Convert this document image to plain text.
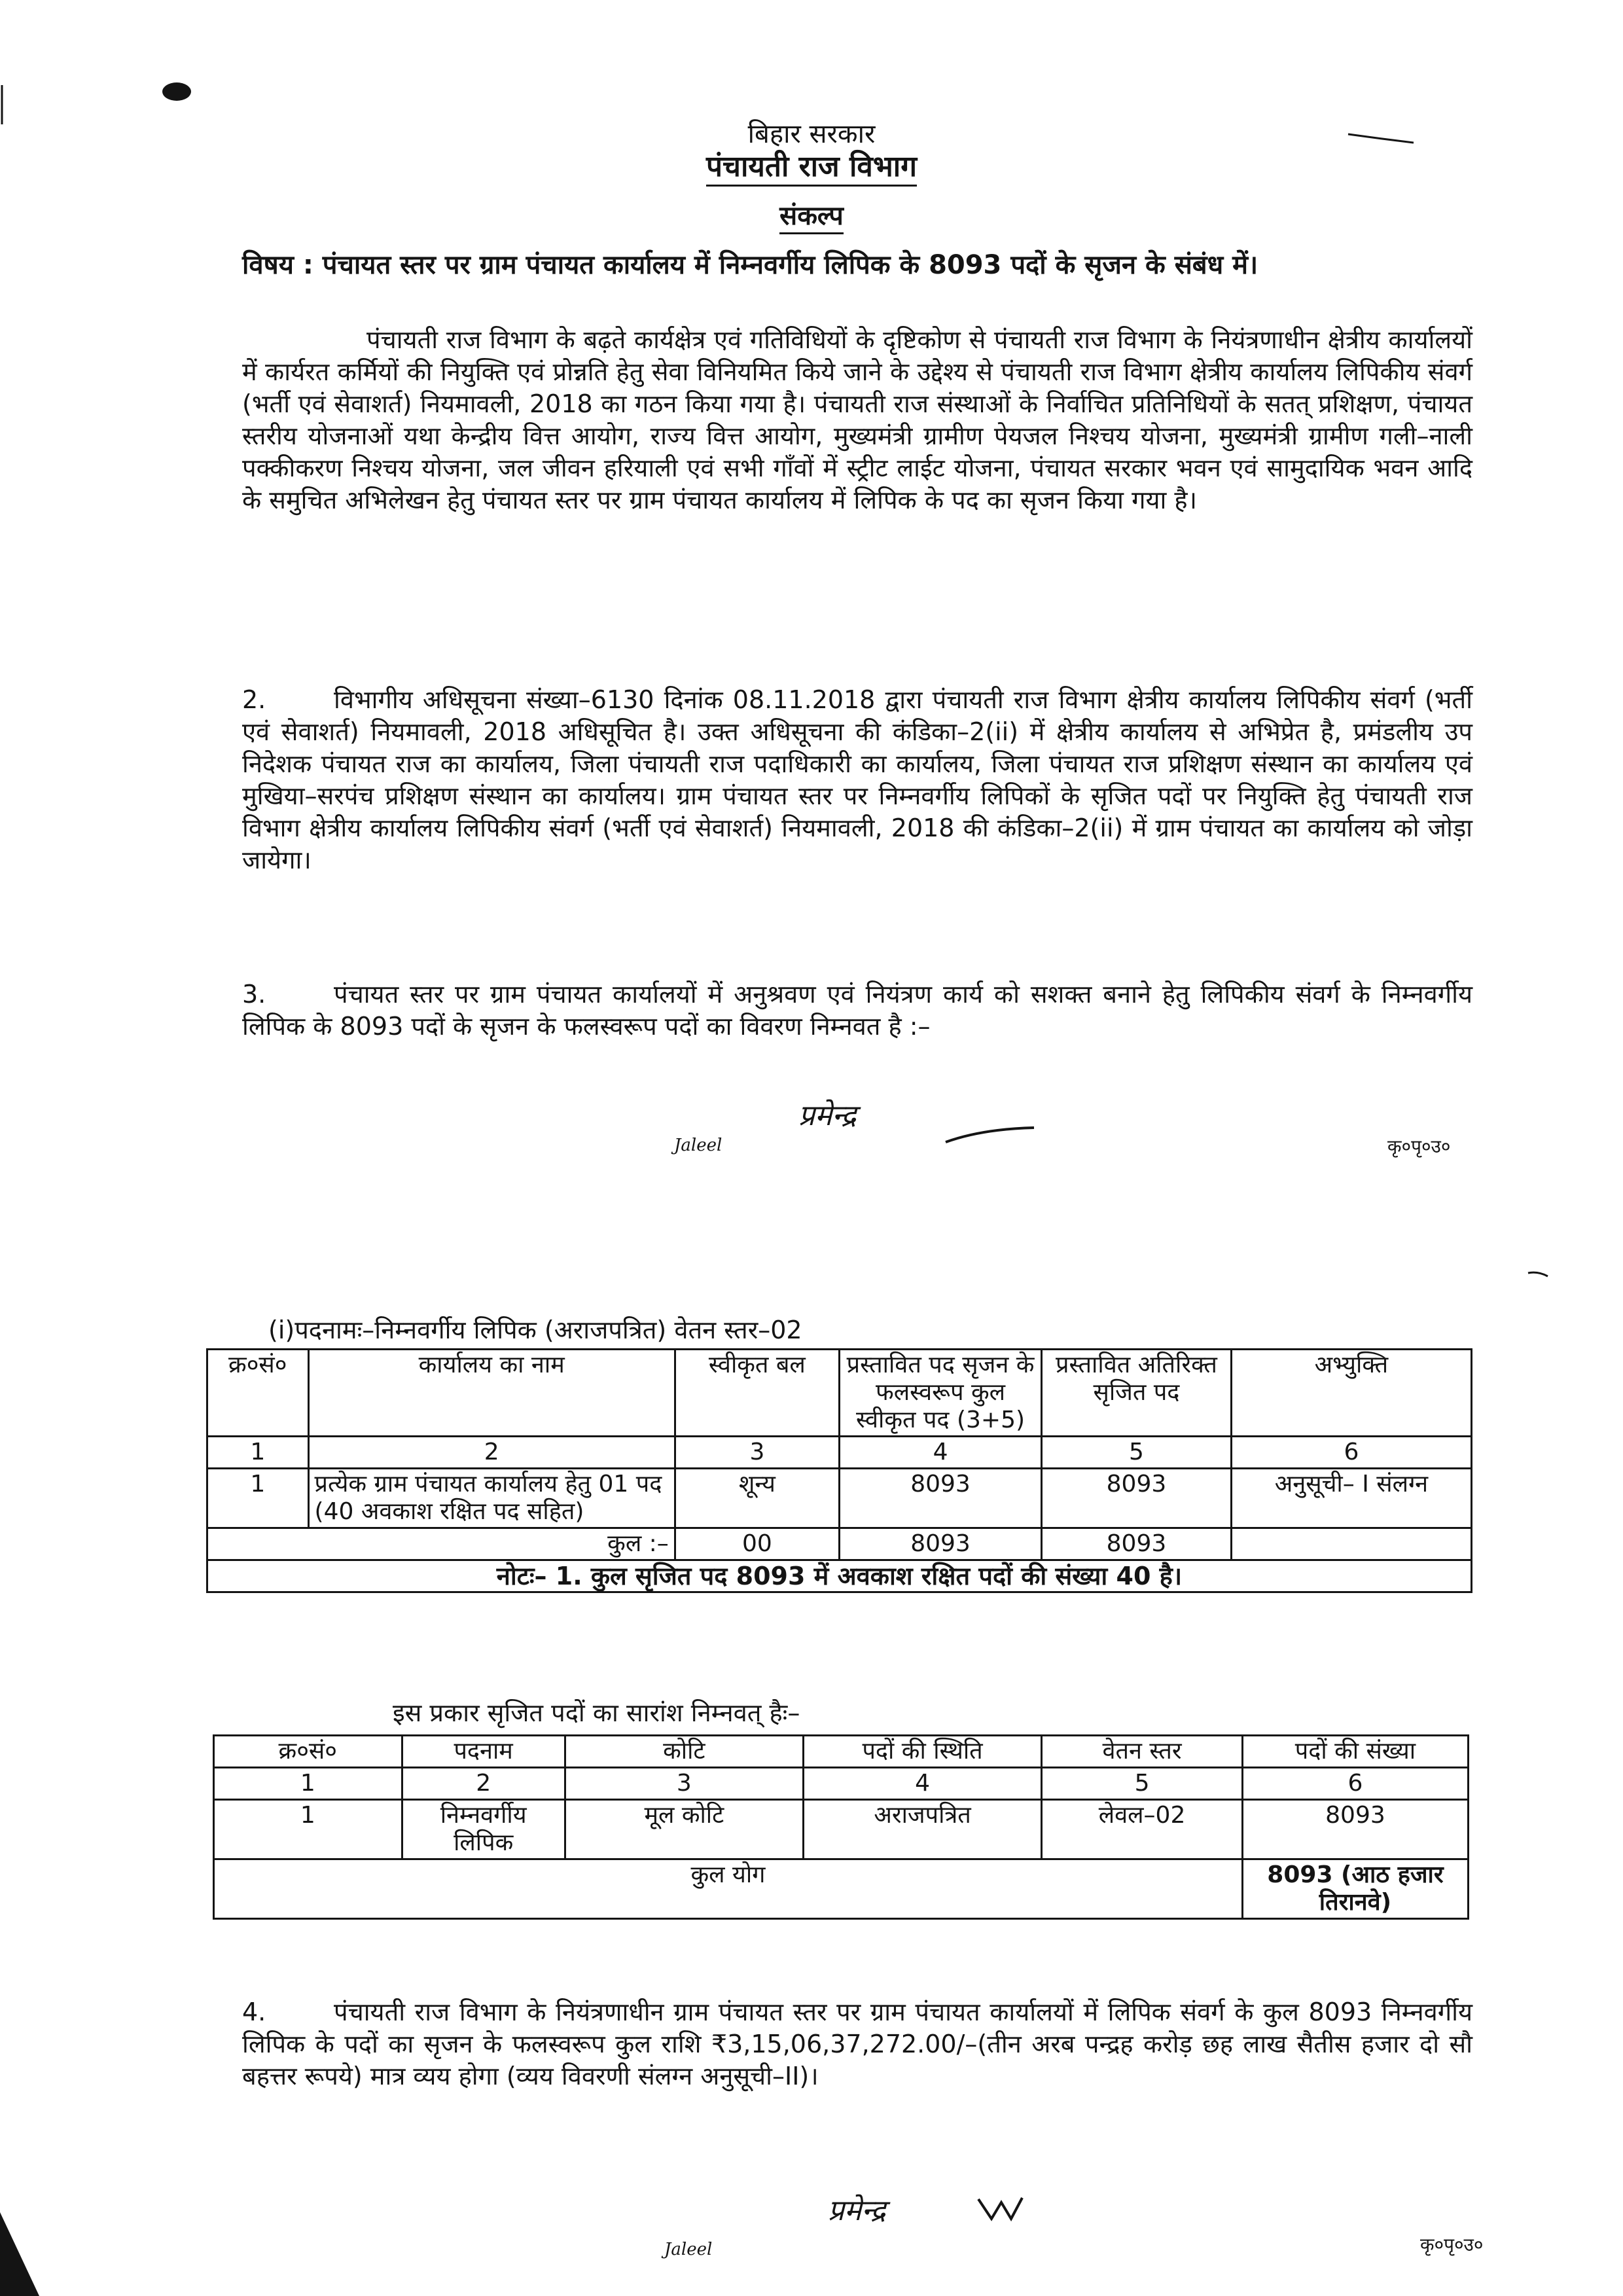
बिहार सरकार
पंचायती राज विभाग
संकल्प
विषय : पंचायत स्तर पर ग्राम पंचायत कार्यालय में निम्नवर्गीय लिपिक के 8093 पदों के सृजन के संबंध में।
पंचायती राज विभाग के बढ़ते कार्यक्षेत्र एवं गतिविधियों के दृष्टिकोण से पंचायती राज विभाग के नियंत्रणाधीन क्षेत्रीय कार्यालयों में कार्यरत कर्मियों की नियुक्ति एवं प्रोन्नति हेतु सेवा विनियमित किये जाने के उद्देश्य से पंचायती राज विभाग क्षेत्रीय कार्यालय लिपिकीय संवर्ग (भर्ती एवं सेवाशर्त) नियमावली, 2018 का गठन किया गया है। पंचायती राज संस्थाओं के निर्वाचित प्रतिनिधियों के सतत् प्रशिक्षण, पंचायत स्तरीय योजनाओं यथा केन्द्रीय वित्त आयोग, राज्य वित्त आयोग, मुख्यमंत्री ग्रामीण पेयजल निश्चय योजना, मुख्यमंत्री ग्रामीण गली–नाली पक्कीकरण निश्चय योजना, जल जीवन हरियाली एवं सभी गाँवों में स्ट्रीट लाईट योजना, पंचायत सरकार भवन एवं सामुदायिक भवन आदि के समुचित अभिलेखन हेतु पंचायत स्तर पर ग्राम पंचायत कार्यालय में लिपिक के पद का सृजन किया गया है।
2.	विभागीय अधिसूचना संख्या–6130 दिनांक 08.11.2018 द्वारा पंचायती राज विभाग क्षेत्रीय कार्यालय लिपिकीय संवर्ग (भर्ती एवं सेवाशर्त) नियमावली, 2018 अधिसूचित है। उक्त अधिसूचना की कंडिका–2(ii) में क्षेत्रीय कार्यालय से अभिप्रेत है, प्रमंडलीय उप निदेशक पंचायत राज का कार्यालय, जिला पंचायती राज पदाधिकारी का कार्यालय, जिला पंचायत राज प्रशिक्षण संस्थान का कार्यालय एवं मुखिया–सरपंच प्रशिक्षण संस्थान का कार्यालय। ग्राम पंचायत स्तर पर निम्नवर्गीय लिपिकों के सृजित पदों पर नियुक्ति हेतु पंचायती राज विभाग क्षेत्रीय कार्यालय लिपिकीय संवर्ग (भर्ती एवं सेवाशर्त) नियमावली, 2018 की कंडिका–2(ii) में ग्राम पंचायत का कार्यालय को जोड़ा जायेगा।
3.	पंचायत स्तर पर ग्राम पंचायत कार्यालयों में अनुश्रवण एवं नियंत्रण कार्य को सशक्त बनाने हेतु लिपिकीय संवर्ग के निम्नवर्गीय लिपिक के 8093 पदों के सृजन के फलस्वरूप पदों का विवरण निम्नवत है :–
Jaleel
प्रमेन्द्र
कृ०पृ०उ०
(i)पदनामः–निम्नवर्गीय लिपिक (अराजपत्रित) वेतन स्तर–02
क्र०सं०	कार्यालय का नाम	स्वीकृत बल	प्रस्तावित पद सृजन के फलस्वरूप कुल स्वीकृत पद (3+5)	प्रस्तावित अतिरिक्त सृजित पद	अभ्युक्ति
1	2	3	4	5	6
1	प्रत्येक ग्राम पंचायत कार्यालय हेतु 01 पद (40 अवकाश रक्षित पद सहित)	शून्य	8093	8093	अनुसूची– I संलग्न
कुल :–		00	8093	8093	
नोटः– 1. कुल सृजित पद 8093 में अवकाश रक्षित पदों की संख्या 40 है।					
इस प्रकार सृजित पदों का सारांश निम्नवत् हैः–
क्र०सं०	पदनाम	कोटि	पदों की स्थिति	वेतन स्तर	पदों की संख्या
1	2	3	4	5	6
1	निम्नवर्गीय लिपिक	मूल कोटि	अराजपत्रित	लेवल–02	8093
कुल योग					8093 (आठ हजार तिरानवे)
4.	पंचायती राज विभाग के नियंत्रणाधीन ग्राम पंचायत स्तर पर ग्राम पंचायत कार्यालयों में लिपिक संवर्ग के कुल 8093 निम्नवर्गीय लिपिक के पदों का सृजन के फलस्वरूप कुल राशि ₹3,15,06,37,272.00/–(तीन अरब पन्द्रह करोड़ छह लाख सैतीस हजार दो सौ बहत्तर रूपये) मात्र व्यय होगा (व्यय विवरणी संलग्न अनुसूची–II)।
Jaleel
प्रमेन्द्र
कृ०पृ०उ०
